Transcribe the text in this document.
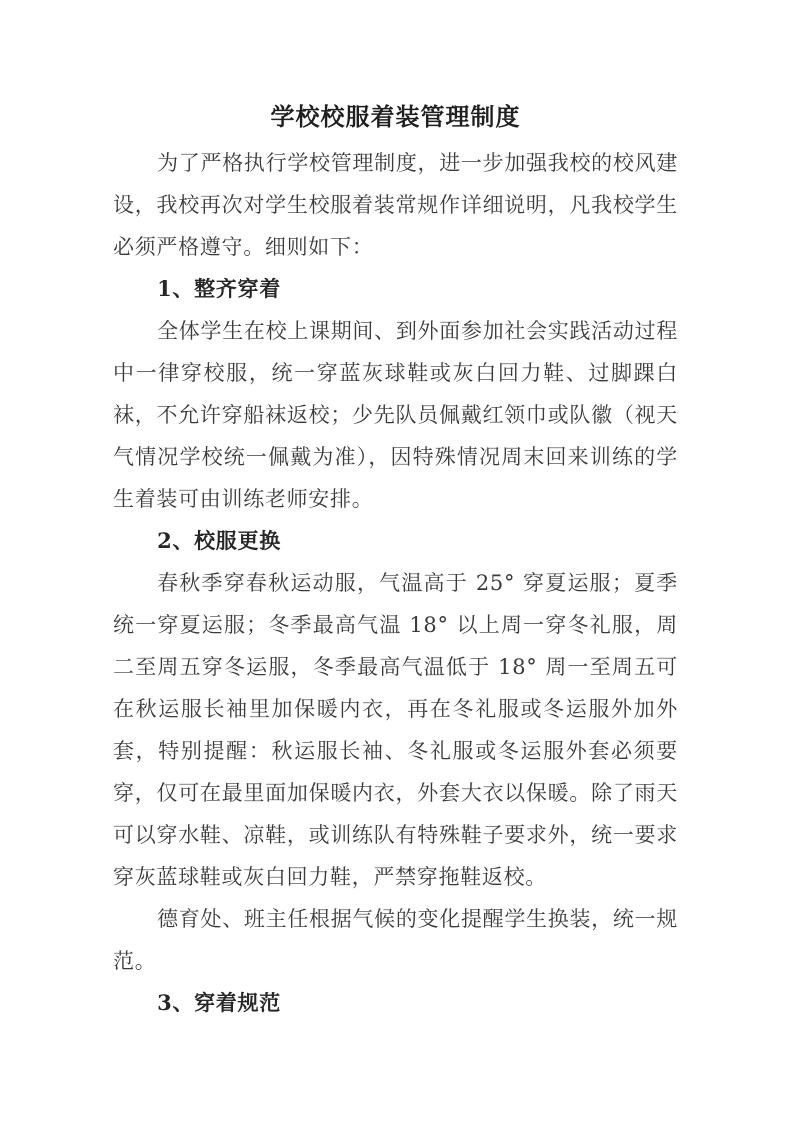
学校校服着装管理制度

为了严格执行学校管理制度，进一步加强我校的校风建设，我校再次对学生校服着装常规作详细说明，凡我校学生必须严格遵守。细则如下：

1、整齐穿着

全体学生在校上课期间、到外面参加社会实践活动过程中一律穿校服，统一穿蓝灰球鞋或灰白回力鞋、过脚踝白袜，不允许穿船袜返校；少先队员佩戴红领巾或队徽（视天气情况学校统一佩戴为准），因特殊情况周末回来训练的学生着装可由训练老师安排。

2、校服更换

春秋季穿春秋运动服，气温高于 25° 穿夏运服；夏季统一穿夏运服；冬季最高气温 18° 以上周一穿冬礼服，周二至周五穿冬运服，冬季最高气温低于 18° 周一至周五可在秋运服长袖里加保暖内衣，再在冬礼服或冬运服外加外套，特别提醒：秋运服长袖、冬礼服或冬运服外套必须要穿，仅可在最里面加保暖内衣，外套大衣以保暖。除了雨天可以穿水鞋、凉鞋，或训练队有特殊鞋子要求外，统一要求穿灰蓝球鞋或灰白回力鞋，严禁穿拖鞋返校。

德育处、班主任根据气候的变化提醒学生换装，统一规范。

3、穿着规范
